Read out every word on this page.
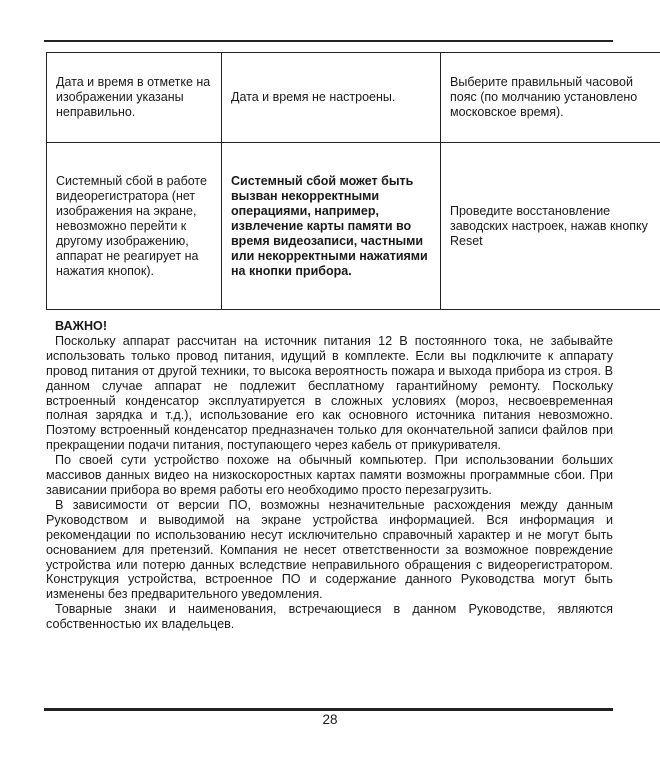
Дата и время в отметке на изображении указаны неправильно.	Дата и время не настроены.	Выберите правильный часовой пояс (по молчанию установлено московское время).
Системный сбой в работе видеорегистратора (нет изображения на экране, невозможно перейти к другому изображению, аппарат не реагирует на нажатия кнопок).	Системный сбой может быть вызван некорректными операциями, например, извлечение карты памяти во время видеозаписи, частными или некорректными нажатиями на кнопки прибора.	Проведите восстановление заводских настроек, нажав кнопку Reset

ВАЖНО!

Поскольку аппарат рассчитан на источник питания 12 В постоянного тока, не забывайте использовать только провод питания, идущий в комплекте. Если вы подключите к аппарату провод питания от другой техники, то высока вероятность пожара и выхода прибора из строя. В данном случае аппарат не подлежит бесплатному гарантийному ремонту. Поскольку встроенный конденсатор эксплуатируется в сложных условиях (мороз, несвоевременная полная зарядка и т.д.), использование его как основного источника питания невозможно. Поэтому встроенный конденсатор предназначен только для окончательной записи файлов при прекращении подачи питания, поступающего через кабель от прикуривателя.

По своей сути устройство похоже на обычный компьютер. При использовании больших массивов данных видео на низкоскоростных картах памяти возможны программные сбои. При зависании прибора во время работы его необходимо просто перезагрузить.

В зависимости от версии ПО, возможны незначительные расхождения между данным Руководством и выводимой на экране устройства информацией. Вся информация и рекомендации по использованию несут исключительно справочный характер и не могут быть основанием для претензий. Компания не несет ответственности за возможное повреждение устройства или потерю данных вследствие неправильного обращения с видеорегистратором. Конструкция устройства, встроенное ПО и содержание данного Руководства могут быть изменены без предварительного уведомления.

Товарные знаки и наименования, встречающиеся в данном Руководстве, являются собственностью их владельцев.

28
